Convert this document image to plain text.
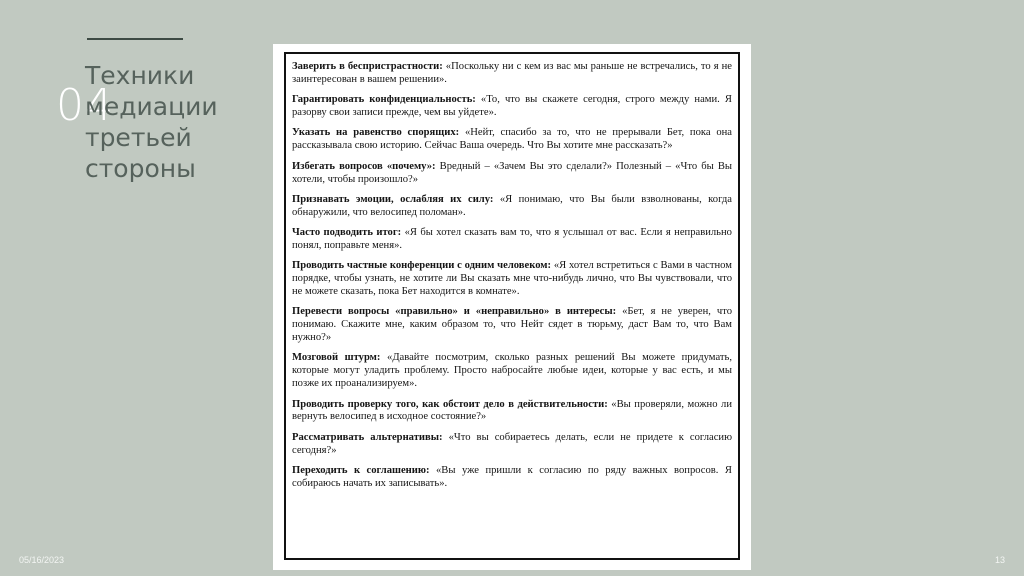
04
Техники медиации третьей стороны

Заверить в беспристрастности: «Поскольку ни с кем из вас мы раньше не встречались, то я не заинтересован в вашем решении».

Гарантировать конфиденциальность: «То, что вы скажете сегодня, строго между нами. Я разорву свои записи прежде, чем вы уйдете».

Указать на равенство спорящих: «Нейт, спасибо за то, что не прерывали Бет, пока она рассказывала свою историю. Сейчас Ваша очередь. Что Вы хотите мне рассказать?»

Избегать вопросов «почему»: Вредный – «Зачем Вы это сделали?» Полезный – «Что бы Вы хотели, чтобы произошло?»

Признавать эмоции, ослабляя их силу: «Я понимаю, что Вы были взволнованы, когда обнаружили, что велосипед поломан».

Часто подводить итог: «Я бы хотел сказать вам то, что я услышал от вас. Если я неправильно понял, поправьте меня».

Проводить частные конференции с одним человеком: «Я хотел встретиться с Вами в частном порядке, чтобы узнать, не хотите ли Вы сказать мне что-нибудь лично, что Вы чувствовали, что не можете сказать, пока Бет находится в комнате».

Перевести вопросы «правильно» и «неправильно» в интересы: «Бет, я не уверен, что понимаю. Скажите мне, каким образом то, что Нейт сядет в тюрьму, даст Вам то, что Вам нужно?»

Мозговой штурм: «Давайте посмотрим, сколько разных решений Вы можете придумать, которые могут уладить проблему. Просто набросайте любые идеи, которые у вас есть, и мы позже их проанализируем».

Проводить проверку того, как обстоит дело в действительности: «Вы проверяли, можно ли вернуть велосипед в исходное состояние?»

Рассматривать альтернативы: «Что вы собираетесь делать, если не придете к согласию сегодня?»

Переходить к соглашению: «Вы уже пришли к согласию по ряду важных вопросов. Я собираюсь начать их записывать».

05/16/2023	13
